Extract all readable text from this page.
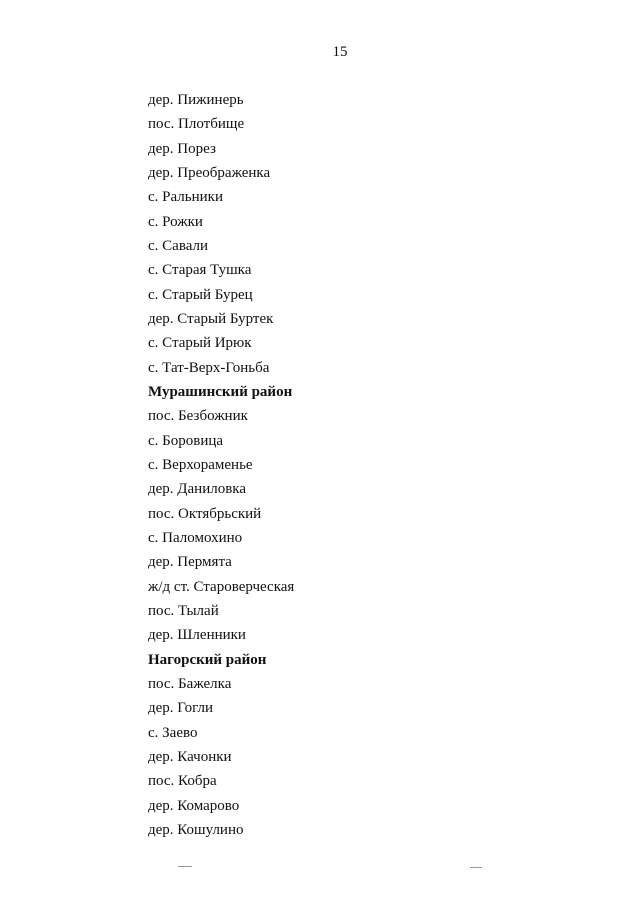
15
дер. Пижинерь
пос. Плотбище
дер. Порез
дер. Преображенка
с. Ральники
с. Рожки
с. Савали
с. Старая Тушка
с. Старый Бурец
дер. Старый Буртек
с. Старый Ирюк
с. Тат-Верх-Гоньба
Мурашинский район
пос. Безбожник
с. Боровица
с. Верхораменье
дер. Даниловка
пос. Октябрьский
с. Паломохино
дер. Пермята
ж/д ст. Староверческая
пос. Тылай
дер. Шленники
Нагорский район
пос. Бажелка
дер. Гогли
с. Заево
дер. Качонки
пос. Кобра
дер. Комарово
дер. Кошулино
